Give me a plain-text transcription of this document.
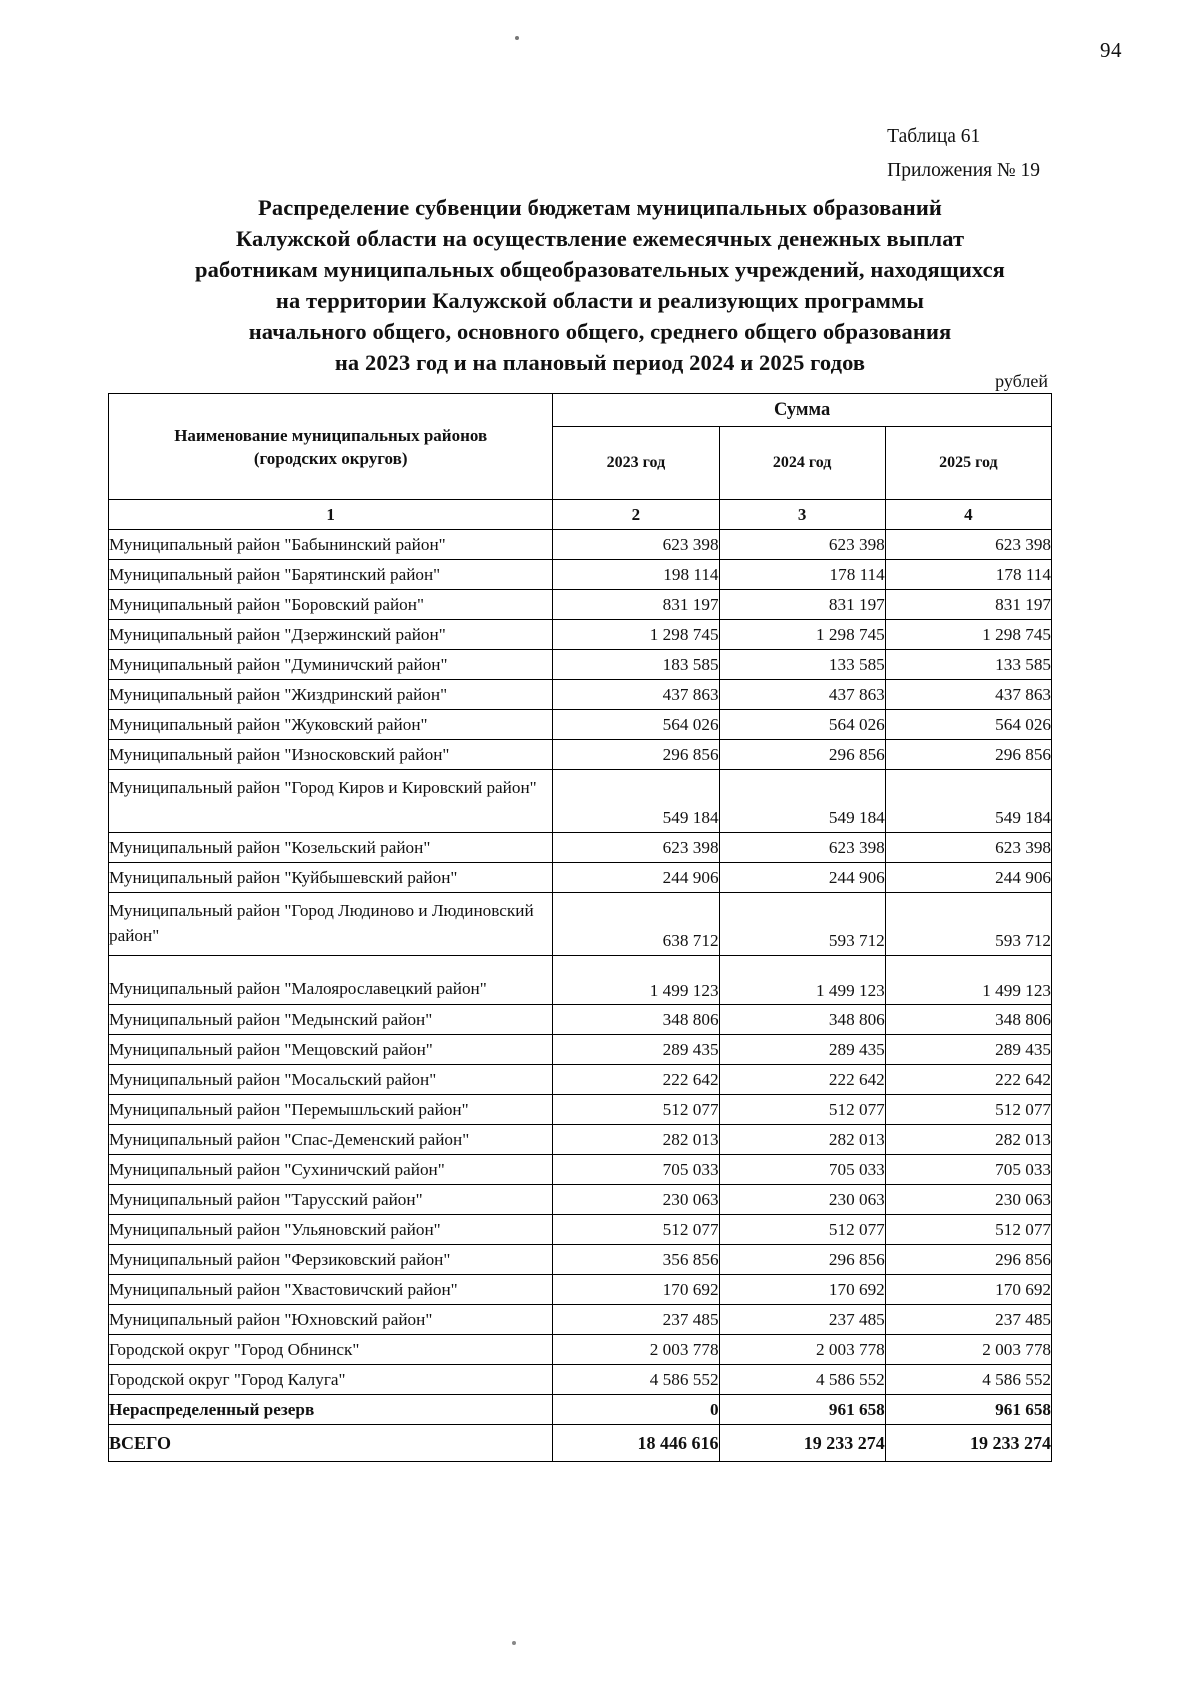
94
Таблица 61
Приложения № 19
Распределение субвенции бюджетам муниципальных образований
Калужской области на осуществление ежемесячных денежных выплат
работникам муниципальных общеобразовательных учреждений, находящихся
на территории Калужской области и реализующих программы
начального общего, основного общего, среднего общего образования
на 2023 год и на плановый период 2024 и 2025 годов
рублей
Наименование муниципальных районов
(городских округов)	Сумма		
	2023 год	2024 год	2025 год
1	2	3	4
Муниципальный район "Бабынинский район"	623 398	623 398	623 398
Муниципальный район "Барятинский район"	198 114	178 114	178 114
Муниципальный район "Боровский район"	831 197	831 197	831 197
Муниципальный район "Дзержинский район"	1 298 745	1 298 745	1 298 745
Муниципальный район "Думиничский район"	183 585	133 585	133 585
Муниципальный район "Жиздринский район"	437 863	437 863	437 863
Муниципальный район "Жуковский район"	564 026	564 026	564 026
Муниципальный район "Износковский район"	296 856	296 856	296 856
Муниципальный район "Город Киров и Кировский район"	549 184	549 184	549 184
Муниципальный район "Козельский район"	623 398	623 398	623 398
Муниципальный район "Куйбышевский район"	244 906	244 906	244 906
Муниципальный район "Город Людиново и Людиновский район"	638 712	593 712	593 712
Муниципальный район "Малоярославецкий район"	1 499 123	1 499 123	1 499 123
Муниципальный район "Медынский район"	348 806	348 806	348 806
Муниципальный район "Мещовский район"	289 435	289 435	289 435
Муниципальный район "Мосальский район"	222 642	222 642	222 642
Муниципальный район "Перемышльский район"	512 077	512 077	512 077
Муниципальный район "Спас-Деменский район"	282 013	282 013	282 013
Муниципальный район "Сухиничский район"	705 033	705 033	705 033
Муниципальный район "Тарусский район"	230 063	230 063	230 063
Муниципальный район "Ульяновский район"	512 077	512 077	512 077
Муниципальный район "Ферзиковский район"	356 856	296 856	296 856
Муниципальный район "Хвастовичский район"	170 692	170 692	170 692
Муниципальный район "Юхновский район"	237 485	237 485	237 485
Городской округ "Город Обнинск"	2 003 778	2 003 778	2 003 778
Городской округ "Город Калуга"	4 586 552	4 586 552	4 586 552
Нераспределенный резерв	0	961 658	961 658
ВСЕГО	18 446 616	19 233 274	19 233 274
